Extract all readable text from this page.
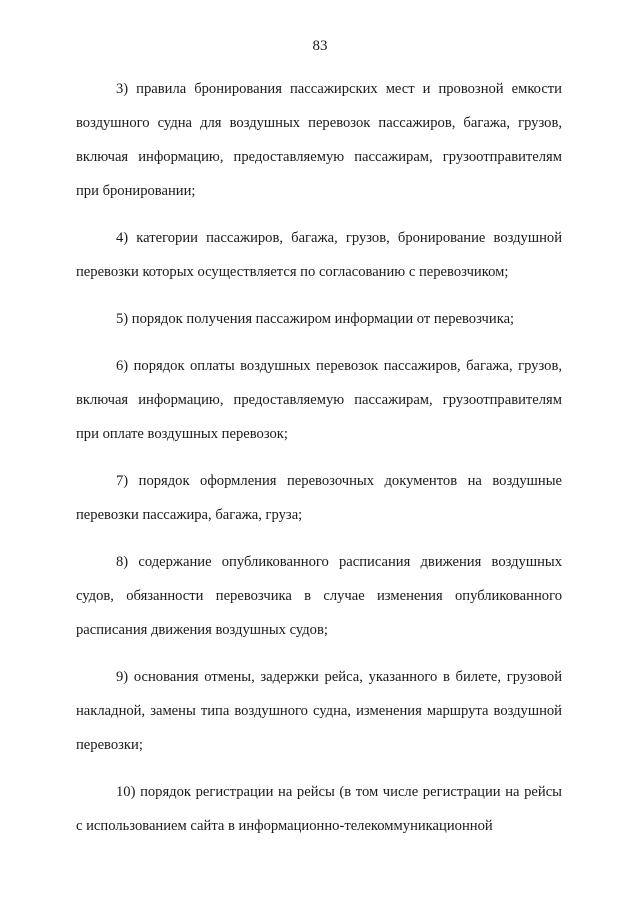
83

3) правила бронирования пассажирских мест и провозной емкости воздушного судна для воздушных перевозок пассажиров, багажа, грузов, включая информацию, предоставляемую пассажирам, грузоотправителям при бронировании;

4) категории пассажиров, багажа, грузов, бронирование воздушной перевозки которых осуществляется по согласованию с перевозчиком;

5) порядок получения пассажиром информации от перевозчика;

6) порядок оплаты воздушных перевозок пассажиров, багажа, грузов, включая информацию, предоставляемую пассажирам, грузоотправителям при оплате воздушных перевозок;

7) порядок оформления перевозочных документов на воздушные перевозки пассажира, багажа, груза;

8) содержание опубликованного расписания движения воздушных судов, обязанности перевозчика в случае изменения опубликованного расписания движения воздушных судов;

9) основания отмены, задержки рейса, указанного в билете, грузовой накладной, замены типа воздушного судна, изменения маршрута воздушной перевозки;

10) порядок регистрации на рейсы (в том числе регистрации на рейсы с использованием сайта в информационно-телекоммуникационной
